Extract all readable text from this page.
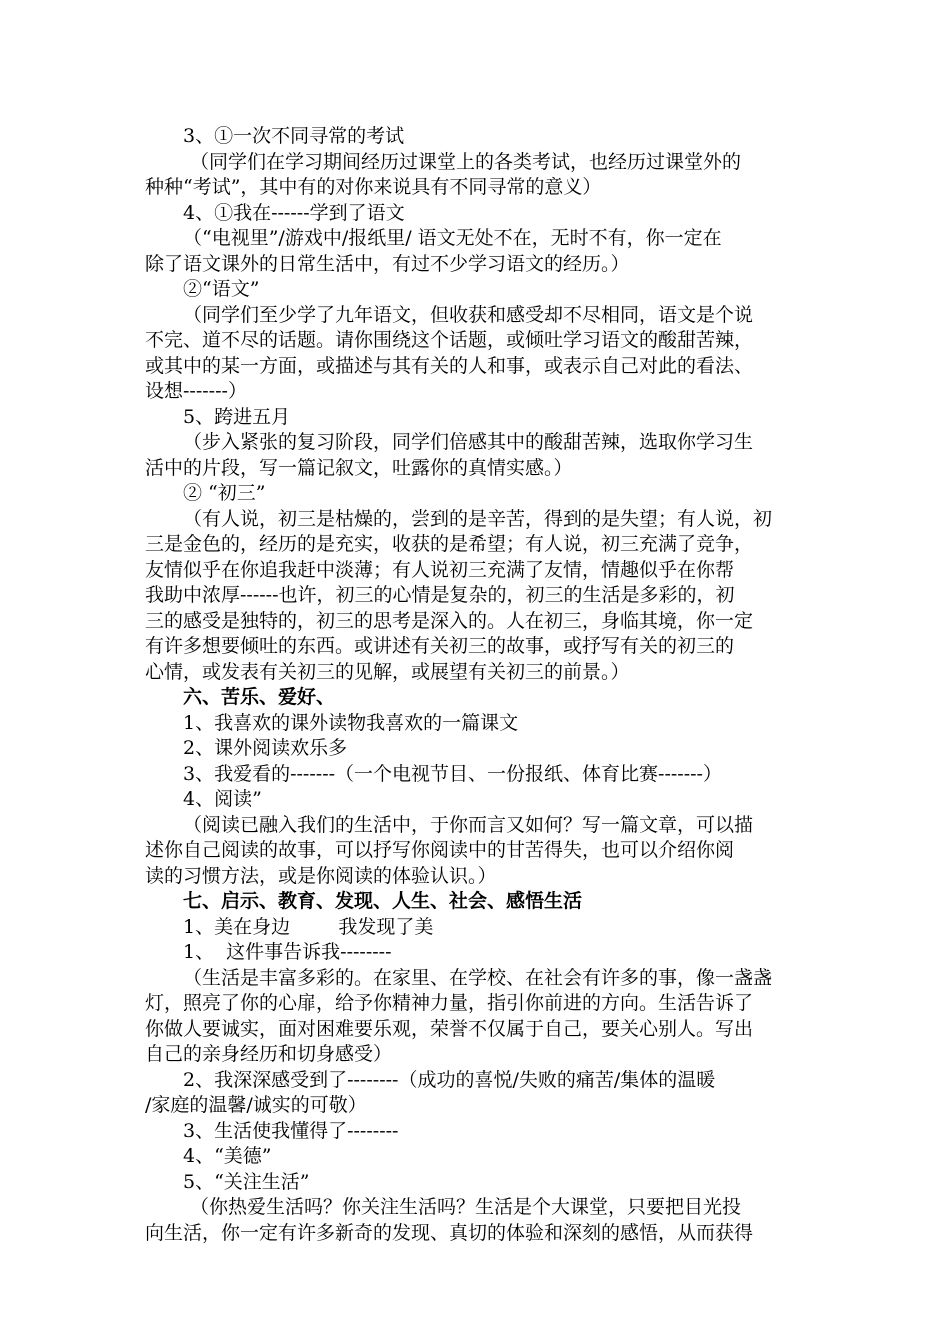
3、①一次不同寻常的考试

（同学们在学习期间经历过课堂上的各类考试，也经历过课堂外的

种种“考试”，其中有的对你来说具有不同寻常的意义）

4、①我在------学到了语文

（“电视里”/游戏中/报纸里/ 语文无处不在，无时不有，你一定在

除了语文课外的日常生活中，有过不少学习语文的经历。）

②“语文”

（同学们至少学了九年语文，但收获和感受却不尽相同，语文是个说

不完、道不尽的话题。请你围绕这个话题，或倾吐学习语文的酸甜苦辣，

或其中的某一方面，或描述与其有关的人和事，或表示自己对此的看法、

设想-------）

5、跨进五月

（步入紧张的复习阶段，同学们倍感其中的酸甜苦辣，选取你学习生

活中的片段，写一篇记叙文，吐露你的真情实感。）

② “初三”

（有人说，初三是枯燥的，尝到的是辛苦，得到的是失望；有人说，初

三是金色的，经历的是充实，收获的是希望；有人说，初三充满了竞争，

友情似乎在你追我赶中淡薄；有人说初三充满了友情，情趣似乎在你帮

我助中浓厚------也许，初三的心情是复杂的，初三的生活是多彩的，初

三的感受是独特的，初三的思考是深入的。人在初三，身临其境，你一定

有许多想要倾吐的东西。或讲述有关初三的故事，或抒写有关的初三的

心情，或发表有关初三的见解，或展望有关初三的前景。）

六、苦乐、爱好、

1、我喜欢的课外读物我喜欢的一篇课文

2、课外阅读欢乐多

3、我爱看的-------（一个电视节目、一份报纸、体育比赛-------）

4、阅读”

（阅读已融入我们的生活中，于你而言又如何？写一篇文章，可以描

述你自己阅读的故事，可以抒写你阅读中的甘苦得失，也可以介绍你阅

读的习惯方法，或是你阅读的体验认识。）

七、启示、教育、发现、人生、社会、感悟生活

1、美在身边        我发现了美

1、  这件事告诉我--------

（生活是丰富多彩的。在家里、在学校、在社会有许多的事，像一盏盏

灯，照亮了你的心扉，给予你精神力量，指引你前进的方向。生活告诉了

你做人要诚实，面对困难要乐观，荣誉不仅属于自己，要关心别人。写出

自己的亲身经历和切身感受）

2、我深深感受到了--------（成功的喜悦/失败的痛苦/集体的温暖

/家庭的温馨/诚实的可敬）

3、生活使我懂得了--------

4、“美德”

5、“关注生活”

（你热爱生活吗？你关注生活吗？生活是个大课堂，只要把目光投

向生活，你一定有许多新奇的发现、真切的体验和深刻的感悟，从而获得
